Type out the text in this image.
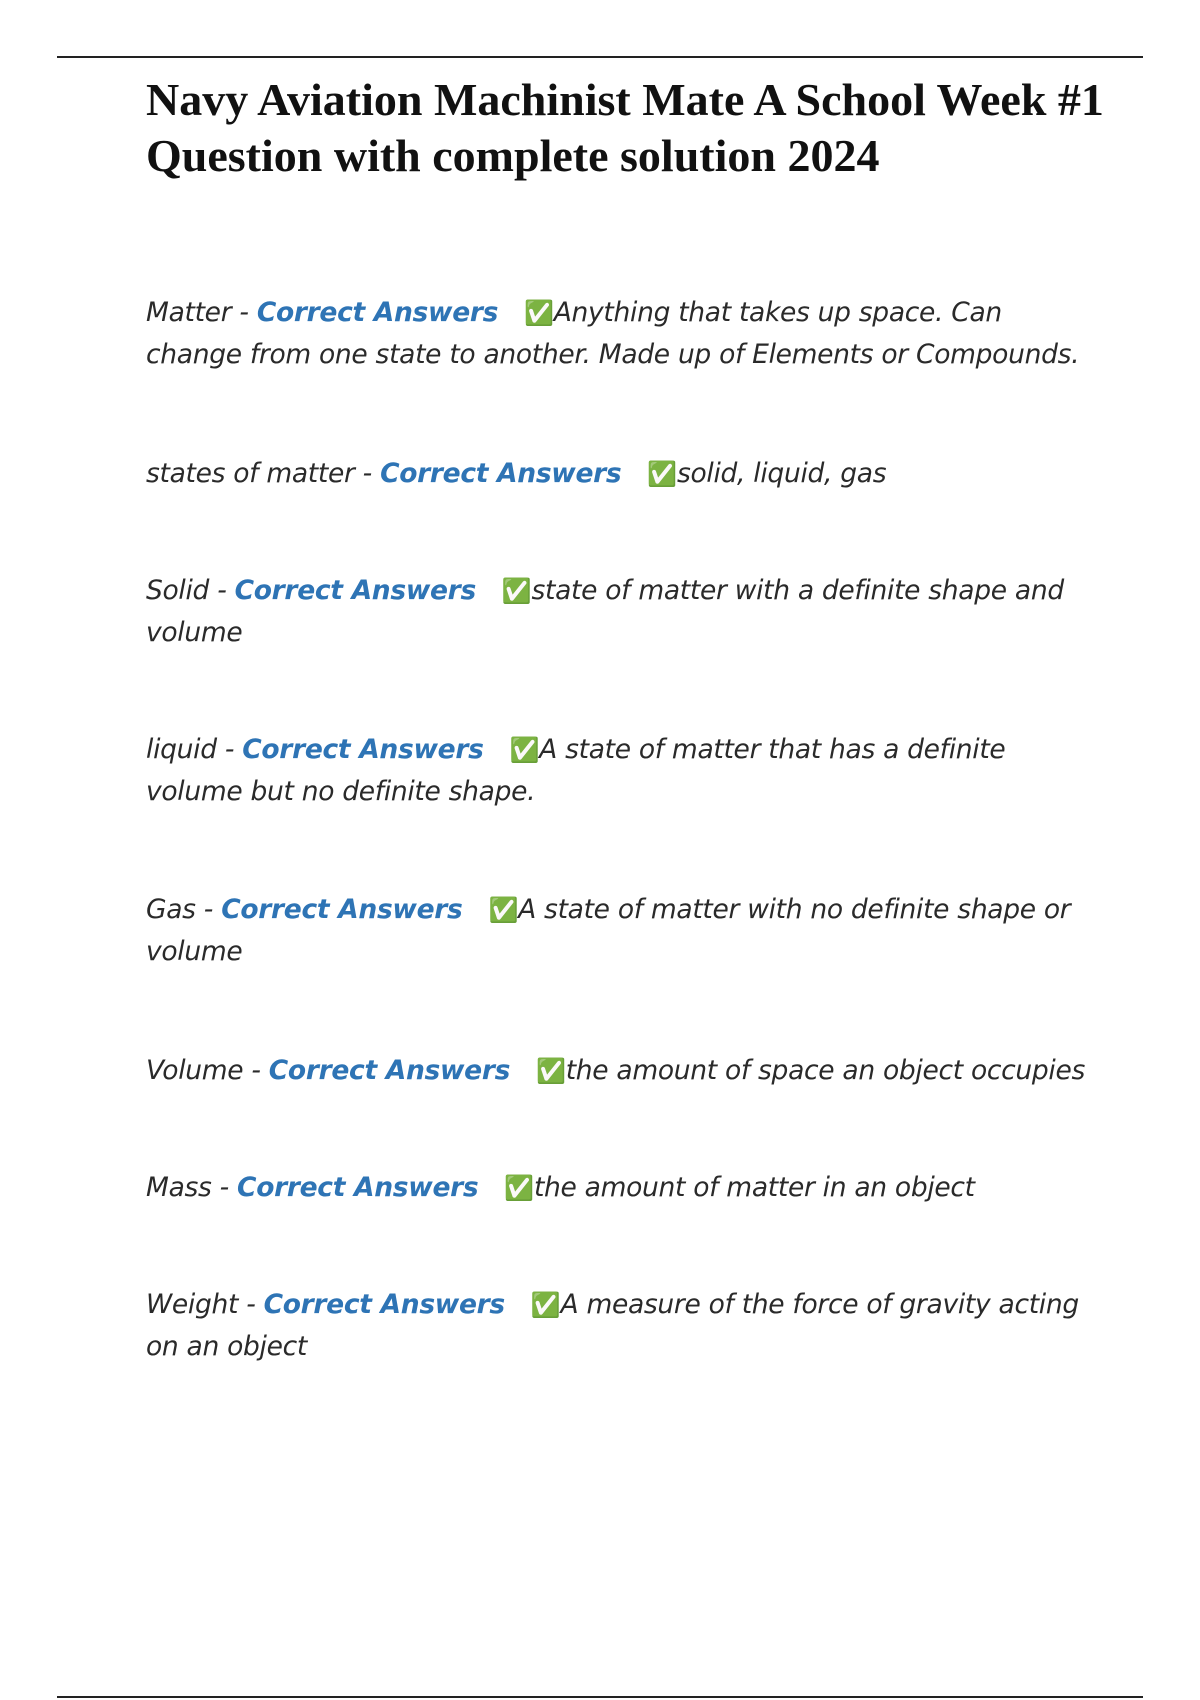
Navy Aviation Machinist Mate A School Week #1 Question with complete solution 2024

Matter - Correct Answers ✅Anything that takes up space. Can change from one state to another. Made up of Elements or Compounds.

states of matter - Correct Answers ✅solid, liquid, gas

Solid - Correct Answers ✅state of matter with a definite shape and volume

liquid - Correct Answers ✅A state of matter that has a definite volume but no definite shape.

Gas - Correct Answers ✅A state of matter with no definite shape or volume

Volume - Correct Answers ✅the amount of space an object occupies

Mass - Correct Answers ✅the amount of matter in an object

Weight - Correct Answers ✅A measure of the force of gravity acting on an object
